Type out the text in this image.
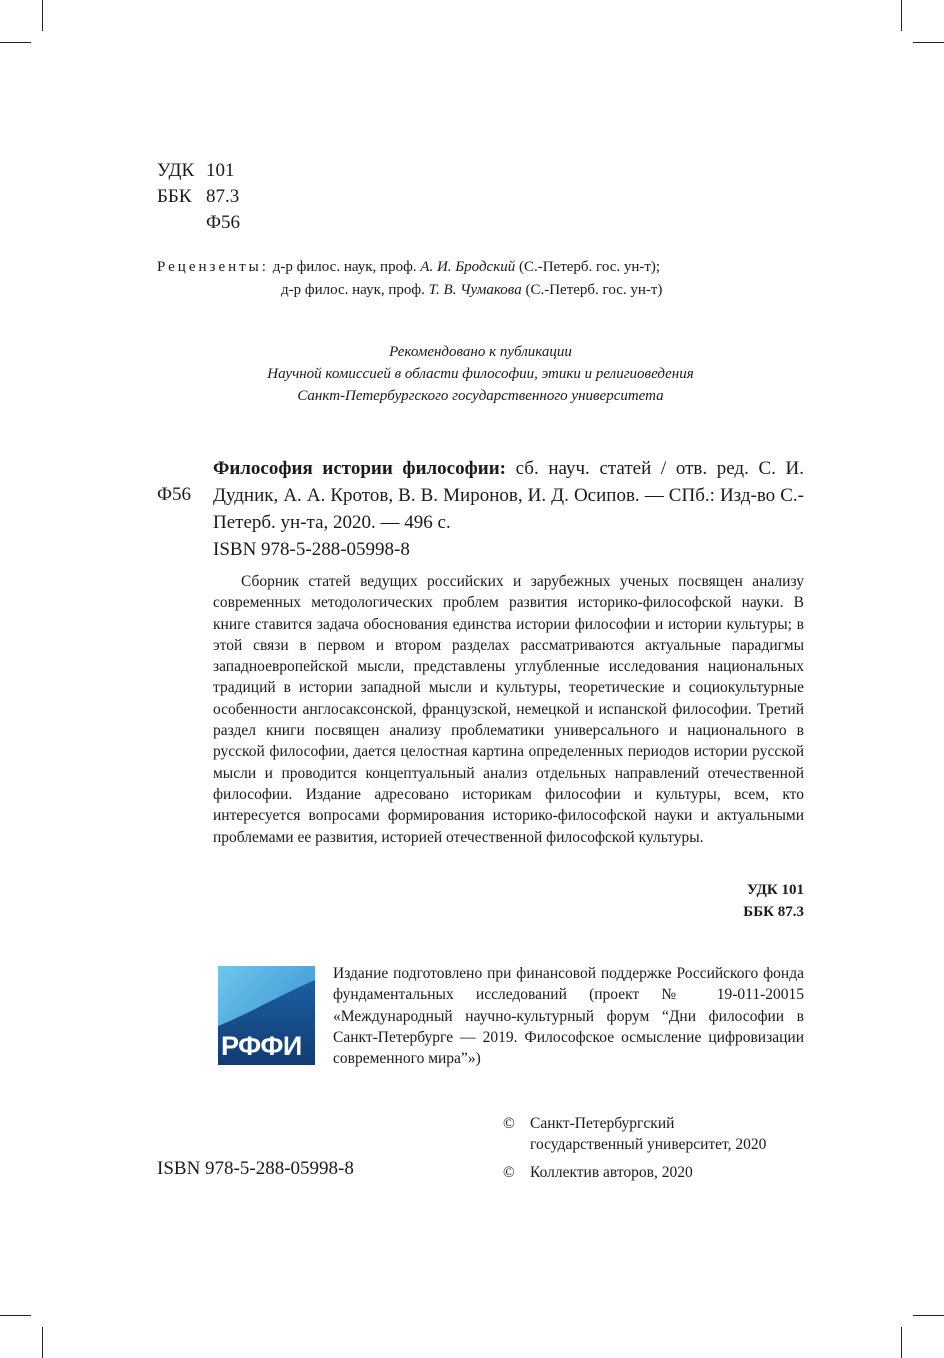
УДК 101
ББК 87.3
Ф56
Рецензенты: д-р филос. наук, проф. А. И. Бродский (С.-Петерб. гос. ун-т);
д-р филос. наук, проф. Т. В. Чумакова (С.-Петерб. гос. ун-т)
Рекомендовано к публикации
Научной комиссией в области философии, этики и религиоведения
Санкт-Петербургского государственного университета
Ф56
Философия истории философии: сб. науч. статей / отв. ред. С. И. Дудник, А. А. Кротов, В. В. Миронов, И. Д. Осипов. — СПб.: Изд-во С.-Петерб. ун-та, 2020. — 496 с.
ISBN 978-5-288-05998-8
Сборник статей ведущих российских и зарубежных ученых посвящен анализу современных методологических проблем развития историко-философской науки. В книге ставится задача обоснования единства истории философии и истории культуры; в этой связи в первом и втором разделах рассматриваются актуальные парадигмы западноевропейской мысли, представлены углубленные исследования национальных традиций в истории западной мысли и культуры, теоретические и социокультурные особенности англосаксонской, французской, немецкой и испанской философии. Третий раздел книги посвящен анализу проблематики универсального и национального в русской философии, дается целостная картина определенных периодов истории русской мысли и проводится концептуальный анализ отдельных направлений отечественной философии. Издание адресовано историкам философии и культуры, всем, кто интересуется вопросами формирования историко-философской науки и актуальными проблемами ее развития, историей отечественной философской культуры.
УДК 101
ББК 87.3
РФФИ
Издание подготовлено при финансовой поддержке Российского фонда фундаментальных исследований (проект № 19-011-20015 «Международный научно-культурный форум “Дни философии в Санкт-Петербурге — 2019. Философское осмысление цифровизации современного мира”»)
© Санкт-Петербургский
государственный университет, 2020
© Коллектив авторов, 2020
ISBN 978-5-288-05998-8
